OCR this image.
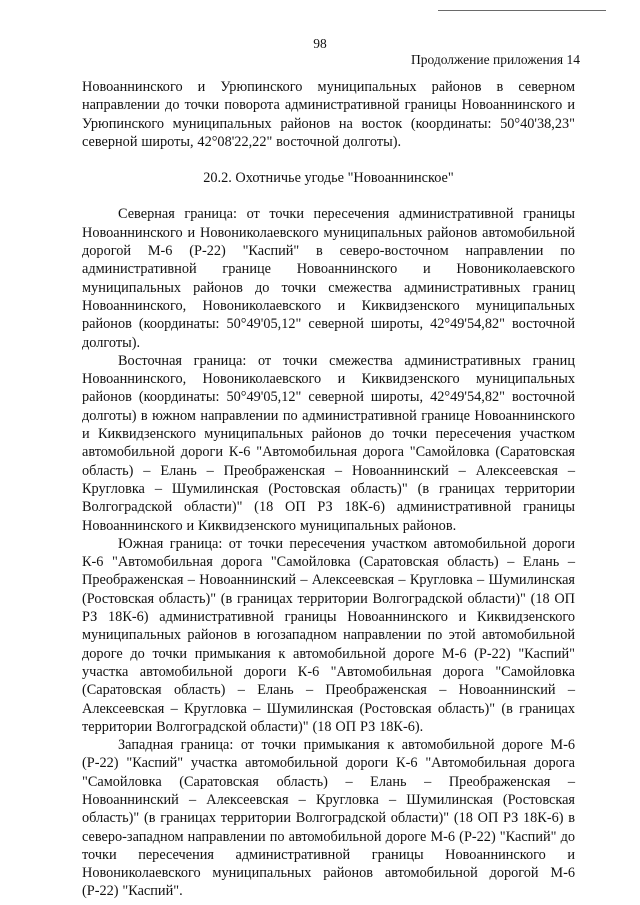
98
Продолжение приложения 14

Новоаннинского и Урюпинского муниципальных районов в северном направлении до точки поворота административной границы Новоаннинского и Урюпинского муниципальных районов на восток (координаты: 50°40'38,23" северной широты, 42°08'22,22" восточной долготы).

20.2. Охотничье угодье "Новоаннинское"

Северная граница: от точки пересечения административной границы Новоаннинского и Новониколаевского муниципальных районов автомобильной дорогой М-6 (Р-22) "Каспий" в северо-восточном направлении по административной границе Новоаннинского и Новониколаевского муниципальных районов до точки смежества административных границ Новоаннинского, Новониколаевского и Киквидзенского муниципальных районов (координаты: 50°49'05,12" северной широты, 42°49'54,82" восточной долготы).

Восточная граница: от точки смежества административных границ Новоаннинского, Новониколаевского и Киквидзенского муниципальных районов (координаты: 50°49'05,12" северной широты, 42°49'54,82" восточной долготы) в южном направлении по административной границе Новоаннинского и Киквидзенского муниципальных районов до точки пересечения участком автомобильной дороги К-6 "Автомобильная дорога "Самойловка (Саратовская область) – Елань – Преображенская – Новоаннинский – Алексеевская – Кругловка – Шумилинская (Ростовская область)" (в границах территории Волгоградской области)" (18 ОП РЗ 18К-6) административной границы Новоаннинского и Киквидзенского муниципальных районов.

Южная граница: от точки пересечения участком автомобильной дороги К-6 "Автомобильная дорога "Самойловка (Саратовская область) – Елань – Преображенская – Новоаннинский – Алексеевская – Кругловка – Шумилинская (Ростовская область)" (в границах территории Волгоградской области)" (18 ОП РЗ 18К-6) административной границы Новоаннинского и Киквидзенского муниципальных районов в югозападном направлении по этой автомобильной дороге до точки примыкания к автомобильной дороге М-6 (Р-22) "Каспий" участка автомобильной дороги К-6 "Автомобильная дорога "Самойловка (Саратовская область) – Елань – Преображенская – Новоаннинский – Алексеевская – Кругловка – Шумилинская (Ростовская область)" (в границах территории Волгоградской области)" (18 ОП РЗ 18К-6).

Западная граница: от точки примыкания к автомобильной дороге М-6 (Р-22) "Каспий" участка автомобильной дороги К-6 "Автомобильная дорога "Самойловка (Саратовская область) – Елань – Преображенская – Новоаннинский – Алексеевская – Кругловка – Шумилинская (Ростовская область)" (в границах территории Волгоградской области)" (18 ОП РЗ 18К-6) в северо-западном направлении по автомобильной дороге М-6 (Р-22) "Каспий" до точки пересечения административной границы Новоаннинского и Новониколаевского муниципальных районов автомобильной дорогой М-6 (Р-22) "Каспий".
